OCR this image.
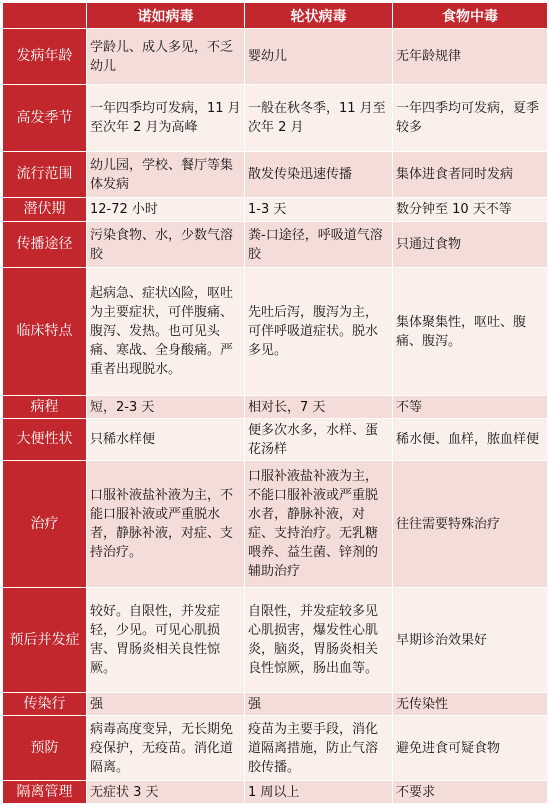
	诺如病毒	轮状病毒	食物中毒
发病年龄	学龄儿、成人多见，不乏幼儿	婴幼儿	无年龄规律
高发季节	一年四季均可发病，11 月至次年 2 月为高峰	一般在秋冬季，11 月至次年 2 月	一年四季均可发病，夏季较多
流行范围	幼儿园，学校、餐厅等集体发病	散发传染迅速传播	集体进食者同时发病
潜伏期	12-72 小时	1-3 天	数分钟至 10 天不等
传播途径	污染食物、水，少数气溶胶	粪-口途径，呼吸道气溶胶	只通过食物
临床特点	起病急、症状凶险，呕吐为主要症状，可伴腹痛、腹泻、发热。也可见头痛、寒战、全身酸痛。严重者出现脱水。	先吐后泻，腹泻为主，可伴呼吸道症状。脱水多见。	集体聚集性，呕吐、腹痛、腹泻。
病程	短，2-3 天	相对长，7 天	不等
大便性状	只稀水样便	便多次水多，水样、蛋花汤样	稀水便、血样，脓血样便
治疗	口服补液盐补液为主，不能口服补液或严重脱水者，静脉补液，对症、支持治疗。	口服补液盐补液为主，不能口服补液或严重脱水者，静脉补液，对症、支持治疗。无乳糖喂养、益生菌、锌剂的辅助治疗	往往需要特殊治疗
预后并发症	较好。自限性，并发症轻，少见。可见心肌损害、胃肠炎相关良性惊厥。	自限性，并发症较多见心肌损害，爆发性心肌炎，脑炎，胃肠炎相关良性惊厥，肠出血等。	早期诊治效果好
传染行	强	强	无传染性
预防	病毒高度变异，无长期免疫保护，无疫苗。消化道隔离。	疫苗为主要手段，消化道隔离措施，防止气溶胶传播。	避免进食可疑食物
隔离管理	无症状 3 天	1 周以上	不要求
